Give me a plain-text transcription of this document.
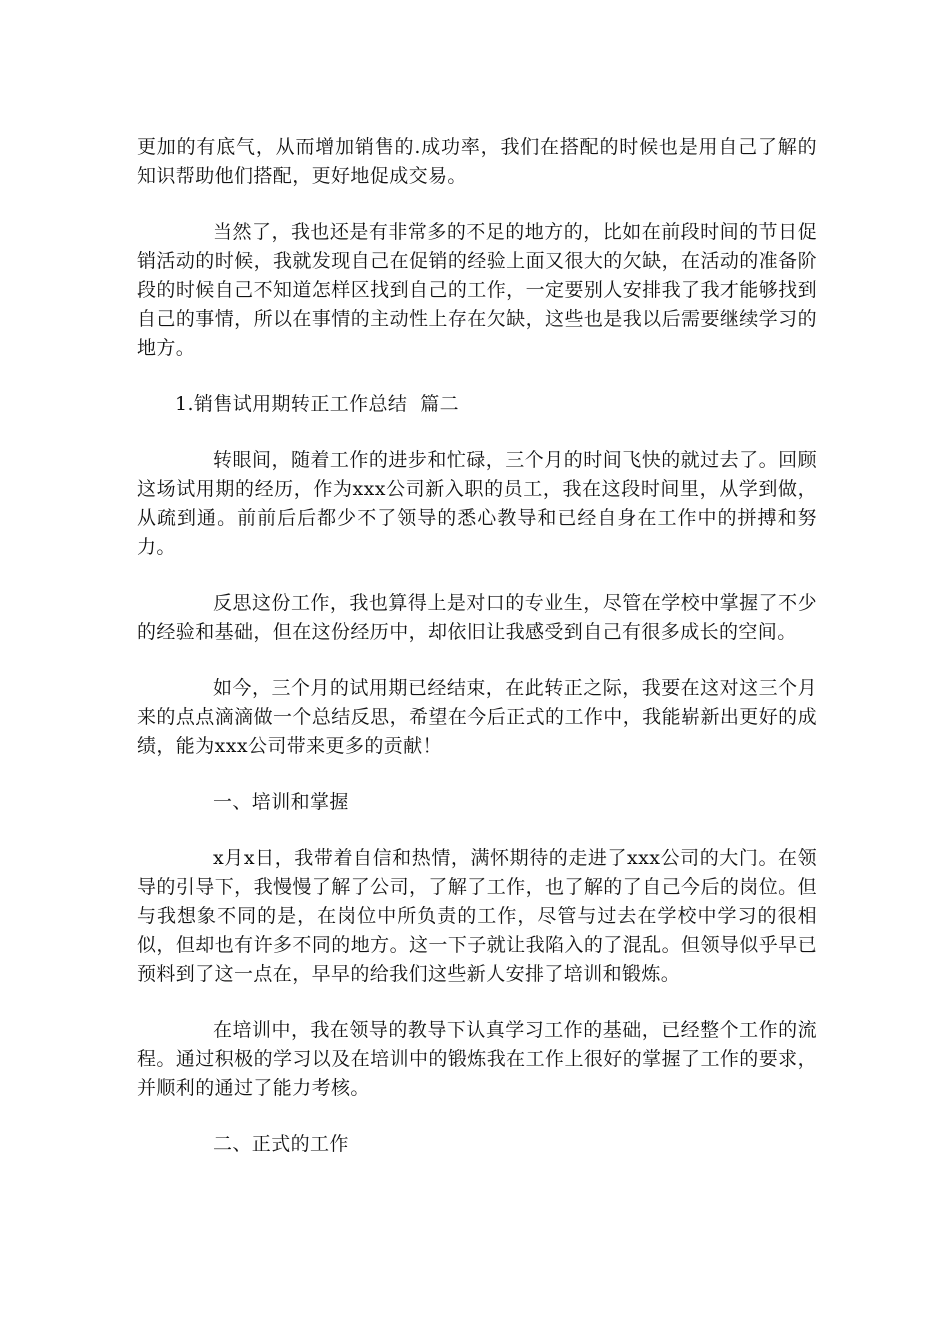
更加的有底气，从而增加销售的.成功率，我们在搭配的时候也是用自己了解的知识帮助他们搭配，更好地促成交易。

当然了，我也还是有非常多的不足的地方的，比如在前段时间的节日促销活动的时候，我就发现自己在促销的经验上面又很大的欠缺，在活动的准备阶段的时候自己不知道怎样区找到自己的工作，一定要别人安排我了我才能够找到自己的事情，所以在事情的主动性上存在欠缺，这些也是我以后需要继续学习的地方。

1.销售试用期转正工作总结  篇二

转眼间，随着工作的进步和忙碌，三个月的时间飞快的就过去了。回顾这场试用期的经历，作为xxx公司新入职的员工，我在这段时间里，从学到做，从疏到通。前前后后都少不了领导的悉心教导和已经自身在工作中的拼搏和努力。

反思这份工作，我也算得上是对口的专业生，尽管在学校中掌握了不少的经验和基础，但在这份经历中，却依旧让我感受到自己有很多成长的空间。

如今，三个月的试用期已经结束，在此转正之际，我要在这对这三个月来的点点滴滴做一个总结反思，希望在今后正式的工作中，我能崭新出更好的成绩，能为xxx公司带来更多的贡献！

一、培训和掌握

x月x日，我带着自信和热情，满怀期待的走进了xxx公司的大门。在领导的引导下，我慢慢了解了公司，了解了工作，也了解的了自己今后的岗位。但与我想象不同的是，在岗位中所负责的工作，尽管与过去在学校中学习的很相似，但却也有许多不同的地方。这一下子就让我陷入的了混乱。但领导似乎早已预料到了这一点在，早早的给我们这些新人安排了培训和锻炼。

在培训中，我在领导的教导下认真学习工作的基础，已经整个工作的流程。通过积极的学习以及在培训中的锻炼我在工作上很好的掌握了工作的要求，并顺利的通过了能力考核。

二、正式的工作
